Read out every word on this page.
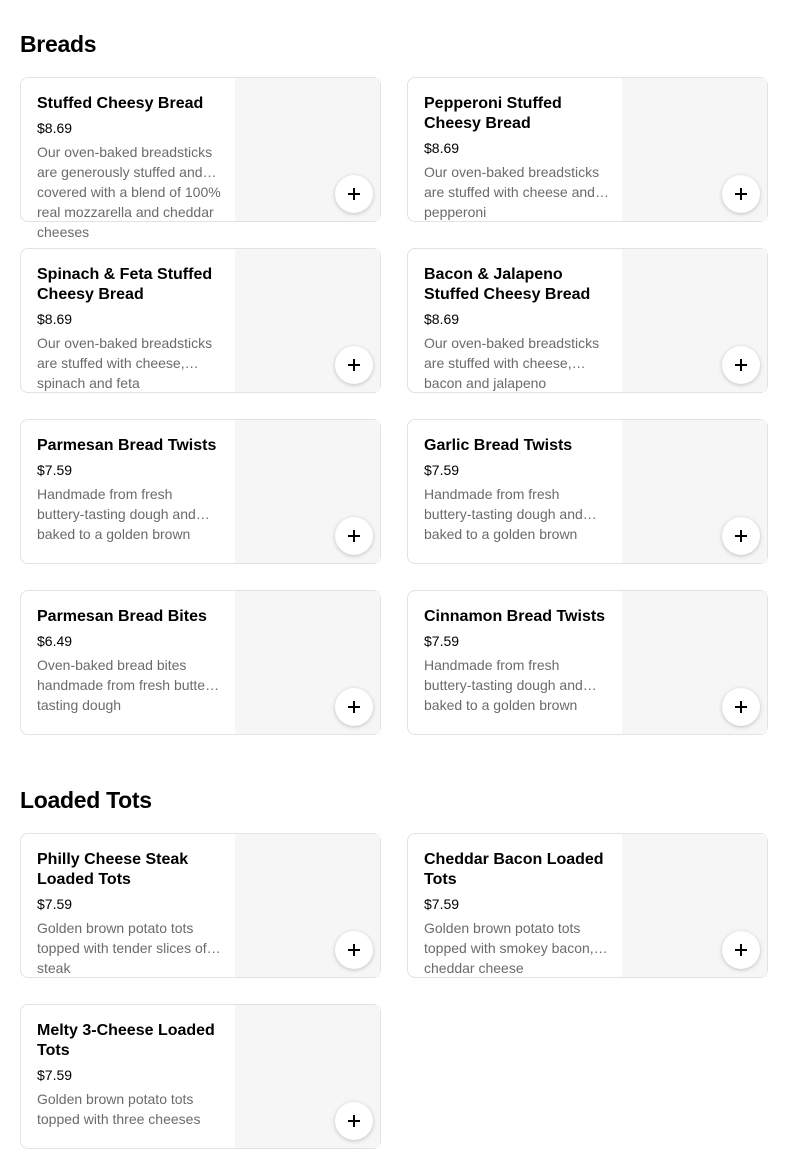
Breads
Stuffed Cheesy Bread
$8.69
Our oven-baked breadsticks are generously stuffed and covered with a blend of 100% real mozzarella and cheddar cheeses
Pepperoni Stuffed Cheesy Bread
$8.69
Our oven-baked breadsticks are stuffed with cheese and pepperoni
Spinach & Feta Stuffed Cheesy Bread
$8.69
Our oven-baked breadsticks are stuffed with cheese, spinach and feta
Bacon & Jalapeno Stuffed Cheesy Bread
$8.69
Our oven-baked breadsticks are stuffed with cheese, bacon and jalapeno
Parmesan Bread Twists
$7.59
Handmade from fresh buttery-tasting dough and baked to a golden brown
Garlic Bread Twists
$7.59
Handmade from fresh buttery-tasting dough and baked to a golden brown
Parmesan Bread Bites
$6.49
Oven-baked bread bites handmade from fresh buttery-tasting dough
Cinnamon Bread Twists
$7.59
Handmade from fresh buttery-tasting dough and baked to a golden brown
Loaded Tots
Philly Cheese Steak Loaded Tots
$7.59
Golden brown potato tots topped with tender slices of steak
Cheddar Bacon Loaded Tots
$7.59
Golden brown potato tots topped with smokey bacon, cheddar cheese
Melty 3-Cheese Loaded Tots
$7.59
Golden brown potato tots topped with three cheeses
